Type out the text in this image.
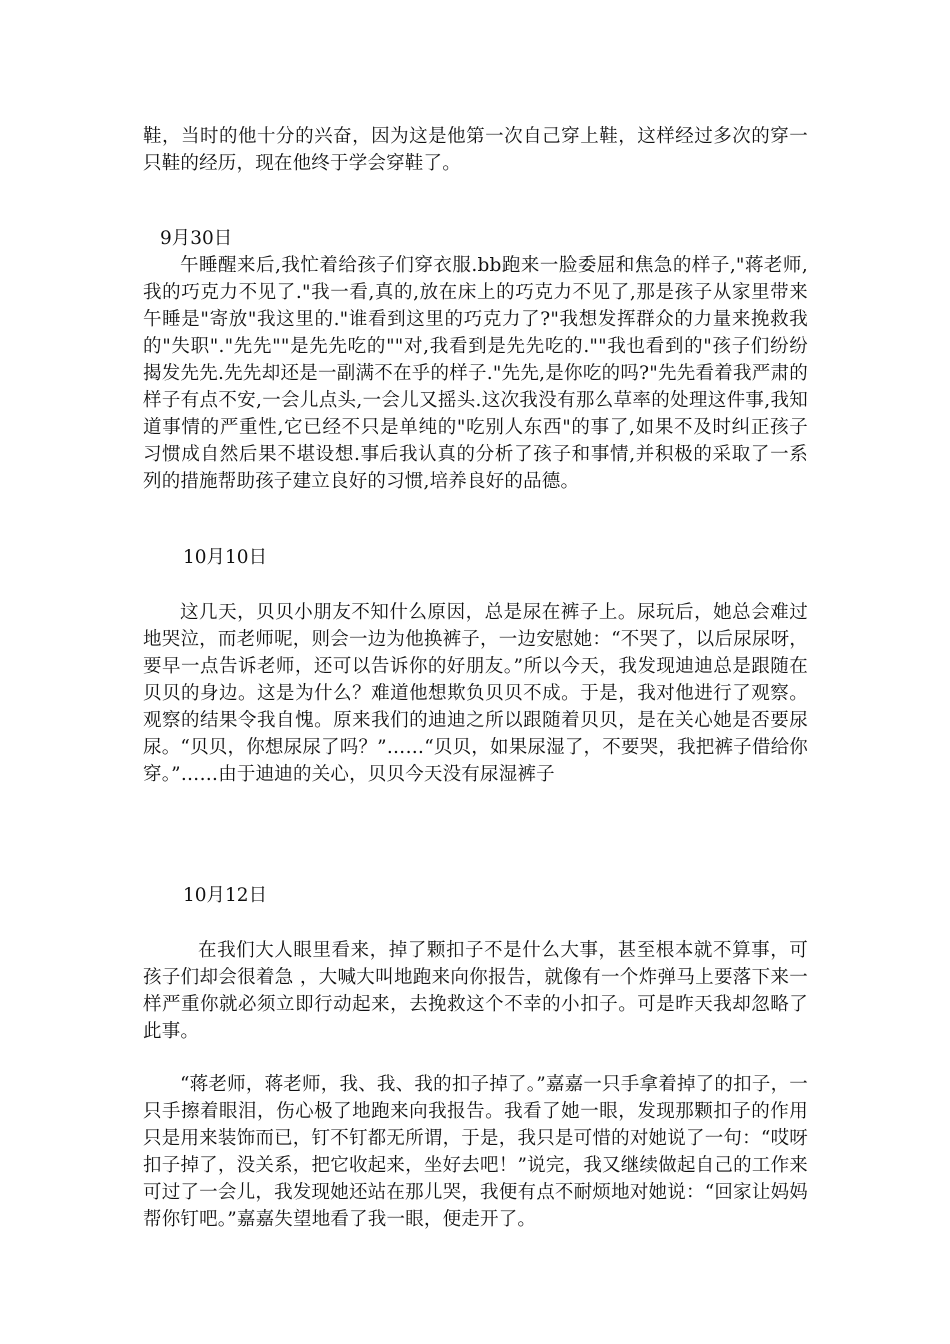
鞋，当时的他十分的兴奋，因为这是他第一次自己穿上鞋，这样经过多次的穿一只鞋的经历，现在他终于学会穿鞋了。

9月30日

午睡醒来后,我忙着给孩子们穿衣服.bb跑来一脸委屈和焦急的样子,"蒋老师,我的巧克力不见了."我一看,真的,放在床上的巧克力不见了,那是孩子从家里带来午睡是"寄放"我这里的."谁看到这里的巧克力了?"我想发挥群众的力量来挽救我的"失职"."先先""是先先吃的""对,我看到是先先吃的.""我也看到的"孩子们纷纷揭发先先.先先却还是一副满不在乎的样子."先先,是你吃的吗?"先先看着我严肃的样子有点不安,一会儿点头,一会儿又摇头.这次我没有那么草率的处理这件事,我知道事情的严重性,它已经不只是单纯的"吃别人东西"的事了,如果不及时纠正孩子习惯成自然后果不堪设想.事后我认真的分析了孩子和事情,并积极的采取了一系列的措施帮助孩子建立良好的习惯,培养良好的品德。

10月10日

这几天，贝贝小朋友不知什么原因，总是尿在裤子上。尿玩后，她总会难过地哭泣，而老师呢，则会一边为他换裤子，一边安慰她：“不哭了，以后尿尿呀，要早一点告诉老师，还可以告诉你的好朋友。”所以今天，我发现迪迪总是跟随在贝贝的身边。这是为什么？难道他想欺负贝贝不成。于是，我对他进行了观察。观察的结果令我自愧。原来我们的迪迪之所以跟随着贝贝，是在关心她是否要尿尿。“贝贝，你想尿尿了吗？”……“贝贝，如果尿湿了，不要哭，我把裤子借给你穿。”……由于迪迪的关心，贝贝今天没有尿湿裤子

10月12日

在我们大人眼里看来，掉了颗扣子不是什么大事，甚至根本就不算事，可孩子们却会很着急 ，大喊大叫地跑来向你报告，就像有一个炸弹马上要落下来一样严重你就必须立即行动起来，去挽救这个不幸的小扣子。可是昨天我却忽略了此事。

“蒋老师，蒋老师，我、我、我的扣子掉了。”嘉嘉一只手拿着掉了的扣子，一只手擦着眼泪，伤心极了地跑来向我报告。我看了她一眼，发现那颗扣子的作用只是用来装饰而已，钉不钉都无所谓，于是，我只是可惜的对她说了一句：“哎呀扣子掉了，没关系，把它收起来，坐好去吧！”说完，我又继续做起自己的工作来可过了一会儿，我发现她还站在那儿哭，我便有点不耐烦地对她说：“回家让妈妈帮你钉吧。”嘉嘉失望地看了我一眼，便走开了。
